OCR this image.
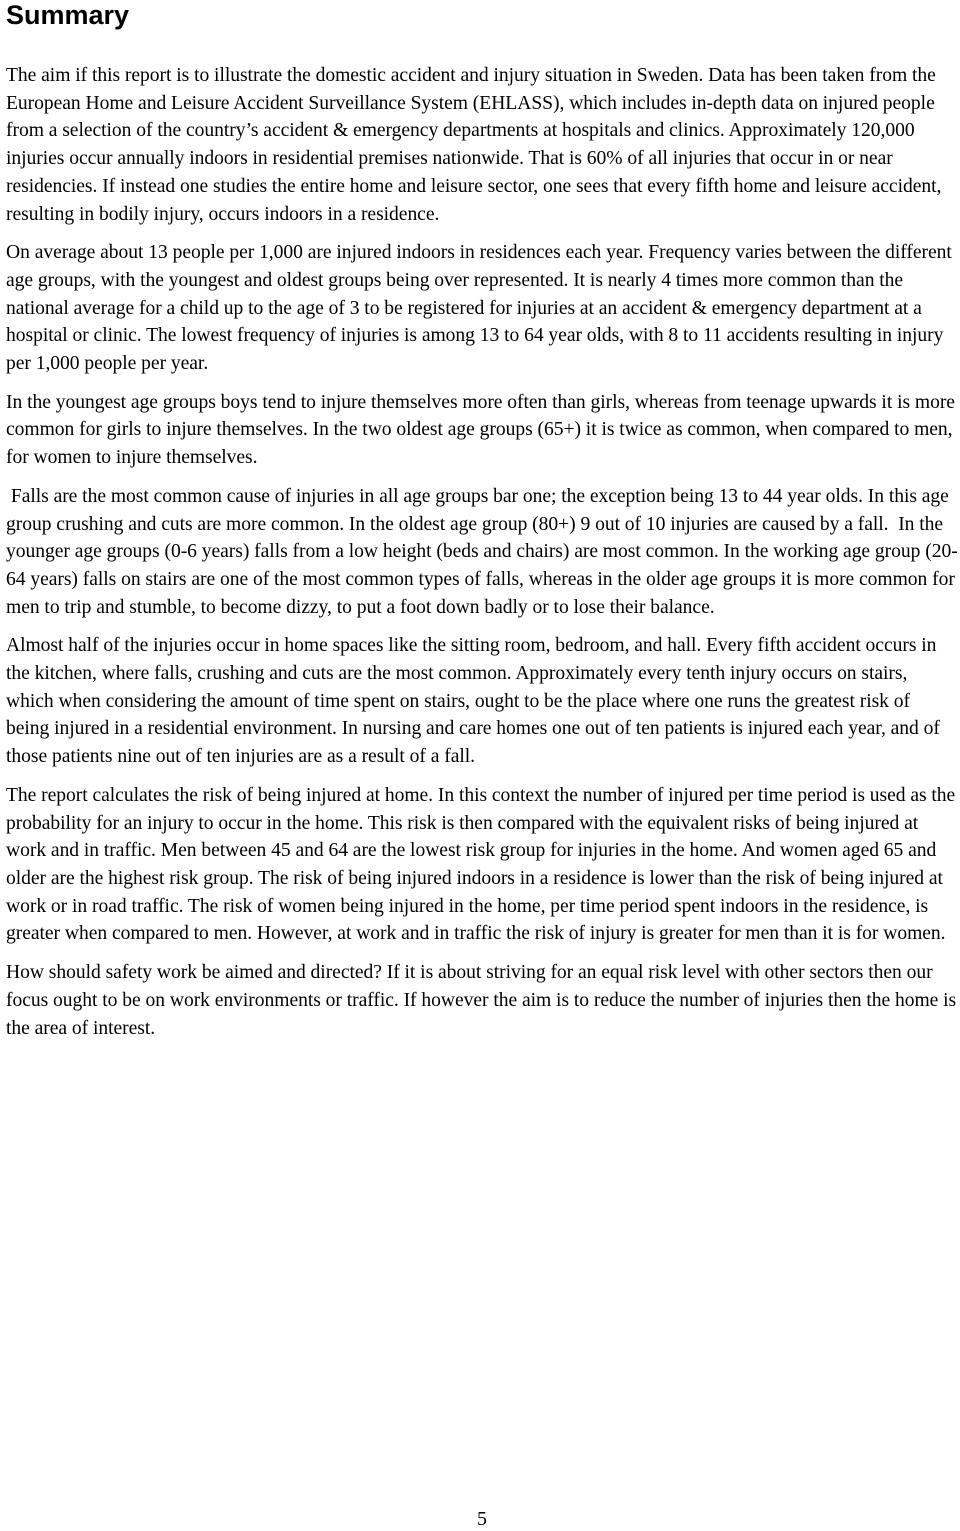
Summary

The aim if this report is to illustrate the domestic accident and injury situation in Sweden. Data has been taken from the European Home and Leisure Accident Surveillance System (EHLASS), which includes in-depth data on injured people from a selection of the country’s accident & emergency departments at hospitals and clinics. Approximately 120,000 injuries occur annually indoors in residential premises nationwide. That is 60% of all injuries that occur in or near residencies. If instead one studies the entire home and leisure sector, one sees that every fifth home and leisure accident, resulting in bodily injury, occurs indoors in a residence.

On average about 13 people per 1,000 are injured indoors in residences each year. Frequency varies between the different age groups, with the youngest and oldest groups being over represented. It is nearly 4 times more common than the national average for a child up to the age of 3 to be registered for injuries at an accident & emergency department at a hospital or clinic. The lowest frequency of injuries is among 13 to 64 year olds, with 8 to 11 accidents resulting in injury per 1,000 people per year.

In the youngest age groups boys tend to injure themselves more often than girls, whereas from teenage upwards it is more common for girls to injure themselves. In the two oldest age groups (65+) it is twice as common, when compared to men, for women to injure themselves.

Falls are the most common cause of injuries in all age groups bar one; the exception being 13 to 44 year olds. In this age group crushing and cuts are more common. In the oldest age group (80+) 9 out of 10 injuries are caused by a fall.  In the younger age groups (0-6 years) falls from a low height (beds and chairs) are most common. In the working age group (20-64 years) falls on stairs are one of the most common types of falls, whereas in the older age groups it is more common for men to trip and stumble, to become dizzy, to put a foot down badly or to lose their balance.

Almost half of the injuries occur in home spaces like the sitting room, bedroom, and hall. Every fifth accident occurs in the kitchen, where falls, crushing and cuts are the most common. Approximately every tenth injury occurs on stairs, which when considering the amount of time spent on stairs, ought to be the place where one runs the greatest risk of being injured in a residential environment. In nursing and care homes one out of ten patients is injured each year, and of those patients nine out of ten injuries are as a result of a fall.

The report calculates the risk of being injured at home. In this context the number of injured per time period is used as the probability for an injury to occur in the home. This risk is then compared with the equivalent risks of being injured at work and in traffic. Men between 45 and 64 are the lowest risk group for injuries in the home. And women aged 65 and older are the highest risk group. The risk of being injured indoors in a residence is lower than the risk of being injured at work or in road traffic. The risk of women being injured in the home, per time period spent indoors in the residence, is greater when compared to men. However, at work and in traffic the risk of injury is greater for men than it is for women.

How should safety work be aimed and directed? If it is about striving for an equal risk level with other sectors then our focus ought to be on work environments or traffic. If however the aim is to reduce the number of injuries then the home is the area of interest.

5
